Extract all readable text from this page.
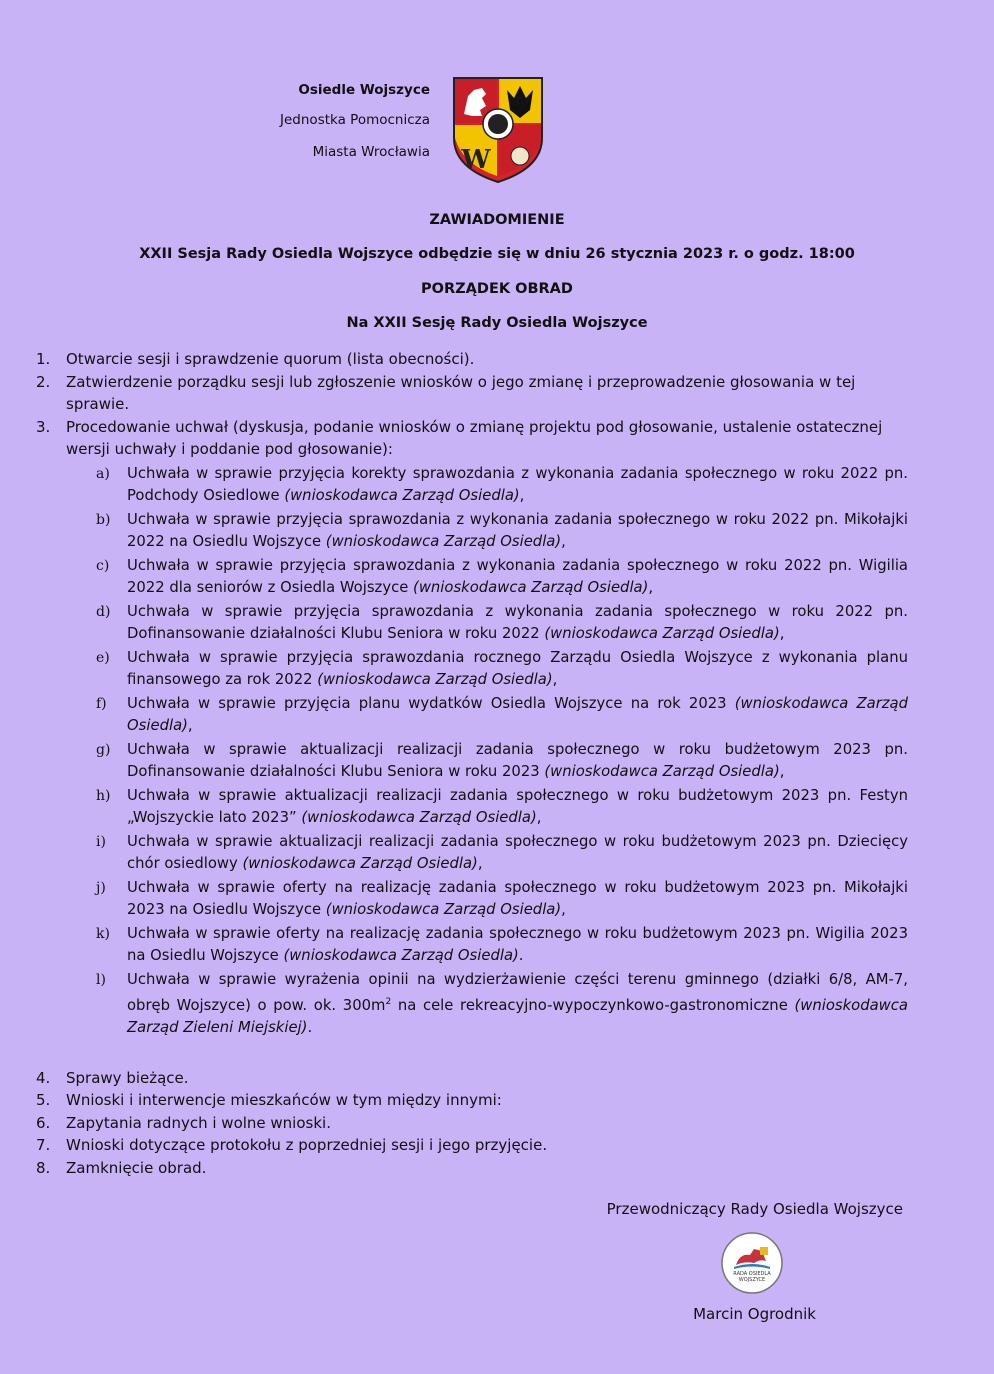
Osiedle Wojszyce
Jednostka Pomocnicza
Miasta Wrocławia W
ZAWIADOMIENIE
XXII Sesja Rady Osiedla Wojszyce odbędzie się w dniu 26 stycznia 2023 r. o godz. 18:00
PORZĄDEK OBRAD
Na XXII Sesję Rady Osiedla Wojszyce
1. Otwarcie sesji i sprawdzenie quorum (lista obecności).
2. Zatwierdzenie porządku sesji lub zgłoszenie wniosków o jego zmianę i przeprowadzenie głosowania w tej sprawie.
3. Procedowanie uchwał (dyskusja, podanie wniosków o zmianę projektu pod głosowanie, ustalenie ostatecznej wersji uchwały i poddanie pod głosowanie):
a) Uchwała w sprawie przyjęcia korekty sprawozdania z wykonania zadania społecznego w roku 2022 pn. Podchody Osiedlowe (wnioskodawca Zarząd Osiedla),
b) Uchwała w sprawie przyjęcia sprawozdania z wykonania zadania społecznego w roku 2022 pn. Mikołajki 2022 na Osiedlu Wojszyce (wnioskodawca Zarząd Osiedla),
c) Uchwała w sprawie przyjęcia sprawozdania z wykonania zadania społecznego w roku 2022 pn. Wigilia 2022 dla seniorów z Osiedla Wojszyce (wnioskodawca Zarząd Osiedla),
d) Uchwała w sprawie przyjęcia sprawozdania z wykonania zadania społecznego w roku 2022 pn. Dofinansowanie działalności Klubu Seniora w roku 2022 (wnioskodawca Zarząd Osiedla),
e) Uchwała w sprawie przyjęcia sprawozdania rocznego Zarządu Osiedla Wojszyce z wykonania planu finansowego za rok 2022 (wnioskodawca Zarząd Osiedla),
f) Uchwała w sprawie przyjęcia planu wydatków Osiedla Wojszyce na rok 2023 (wnioskodawca Zarząd Osiedla),
g) Uchwała w sprawie aktualizacji realizacji zadania społecznego w roku budżetowym 2023 pn. Dofinansowanie działalności Klubu Seniora w roku 2023 (wnioskodawca Zarząd Osiedla),
h) Uchwała w sprawie aktualizacji realizacji zadania społecznego w roku budżetowym 2023 pn. Festyn „Wojszyckie lato 2023” (wnioskodawca Zarząd Osiedla),
i) Uchwała w sprawie aktualizacji realizacji zadania społecznego w roku budżetowym 2023 pn. Dziecięcy chór osiedlowy (wnioskodawca Zarząd Osiedla),
j) Uchwała w sprawie oferty na realizację zadania społecznego w roku budżetowym 2023 pn. Mikołajki 2023 na Osiedlu Wojszyce (wnioskodawca Zarząd Osiedla),
k) Uchwała w sprawie oferty na realizację zadania społecznego w roku budżetowym 2023 pn. Wigilia 2023 na Osiedlu Wojszyce (wnioskodawca Zarząd Osiedla).
l) Uchwała w sprawie wyrażenia opinii na wydzierżawienie części terenu gminnego (działki 6/8, AM-7, obręb Wojszyce) o pow. ok. $300m^2$ na cele rekreacyjno-wypoczynkowo-gastronomiczne (wnioskodawca Zarząd Zieleni Miejskiej).
4. Sprawy bieżące.
5. Wnioski i interwencje mieszkańców w tym między innymi:
6. Zapytania radnych i wolne wnioski.
7. Wnioski dotyczące protokołu z poprzedniej sesji i jego przyjęcie.
8. Zamknięcie obrad.
Przewodniczący Rady Osiedla Wojszyce
RADA OSIEDLA
WOJSZYCE
Marcin Ogrodnik
